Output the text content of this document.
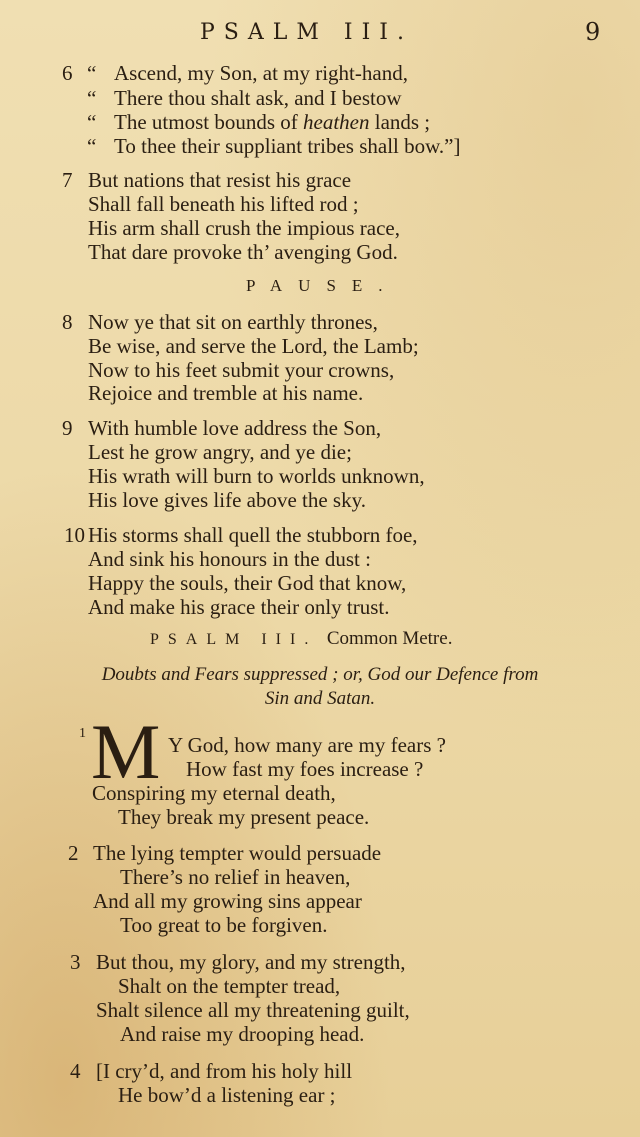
PSALM III.	9
6 “ Ascend, my Son, at my right-hand,
“ There thou shalt ask, and I bestow
“ The utmost bounds of heathen lands ;
“ To thee their suppliant tribes shall bow.”]
7 But nations that resist his grace
Shall fall beneath his lifted rod ;
His arm shall crush the impious race,
That dare provoke th’ avenging God.
PAUSE.
8 Now ye that sit on earthly thrones,
Be wise, and serve the Lord, the Lamb;
Now to his feet submit your crowns,
Rejoice and tremble at his name.
9 With humble love address the Son,
Lest he grow angry, and ye die;
His wrath will burn to worlds unknown,
His love gives life above the sky.
10 His storms shall quell the stubborn foe,
And sink his honours in the dust :
Happy the souls, their God that know,
And make his grace their only trust.
PSALM III. Common Metre.
Doubts and Fears suppressed ; or, God our Defence from
Sin and Satan.
1 M Y God, how many are my fears ?
How fast my foes increase ?
Conspiring my eternal death,
They break my present peace.
2 The lying tempter would persuade
There’s no relief in heaven,
And all my growing sins appear
Too great to be forgiven.
3 But thou, my glory, and my strength,
Shalt on the tempter tread,
Shalt silence all my threatening guilt,
And raise my drooping head.
4 [I cry’d, and from his holy hill
He bow’d a listening ear ;
